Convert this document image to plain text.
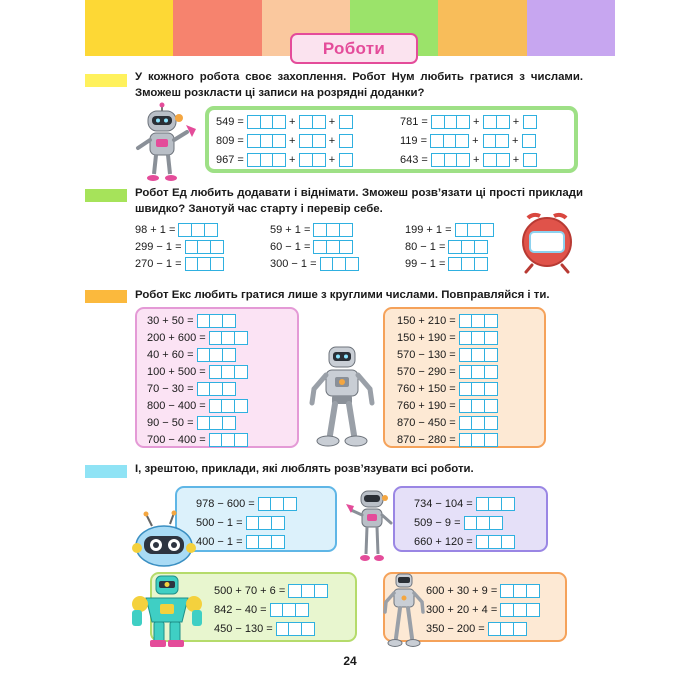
Роботи
У кожного робота своє захоплення. Робот Нум любить гратися з числами. Зможеш розкласти ці записи на розрядні доданки?
549 =	+	+
809 =	+	+
967 =	+	+
781 =	+	+
119 =	+	+
643 =	+	+
Робот Ед любить додавати і віднімати. Зможеш розв’язати ці прості приклади швидко? Занотуй час старту і перевір себе.
98 + 1 =
299 − 1 =
270 − 1 =
59 + 1 =
60 − 1 =
300 − 1 =
199 + 1 =
80 − 1 =
99 − 1 =
Робот Екс любить гратися лише з круглими числами. Повправляйся і ти.
30 + 50 =
200 + 600 =
40 + 60 =
100 + 500 =
70 − 30 =
800 − 400 =
90 − 50 =
700 − 400 =
150 + 210 =
150 + 190 =
570 − 130 =
570 − 290 =
760 + 150 =
760 + 190 =
870 − 450 =
870 − 280 =
І, зрештою, приклади, які люблять розв’язувати всі роботи.
978 − 600 =
500 − 1 =
400 − 1 =
734 − 104 =
509 − 9 =
660 + 120 =
500 + 70 + 6 =
842 − 40 =
450 − 130 =
600 + 30 + 9 =
300 + 20 + 4 =
350 − 200 =
24
